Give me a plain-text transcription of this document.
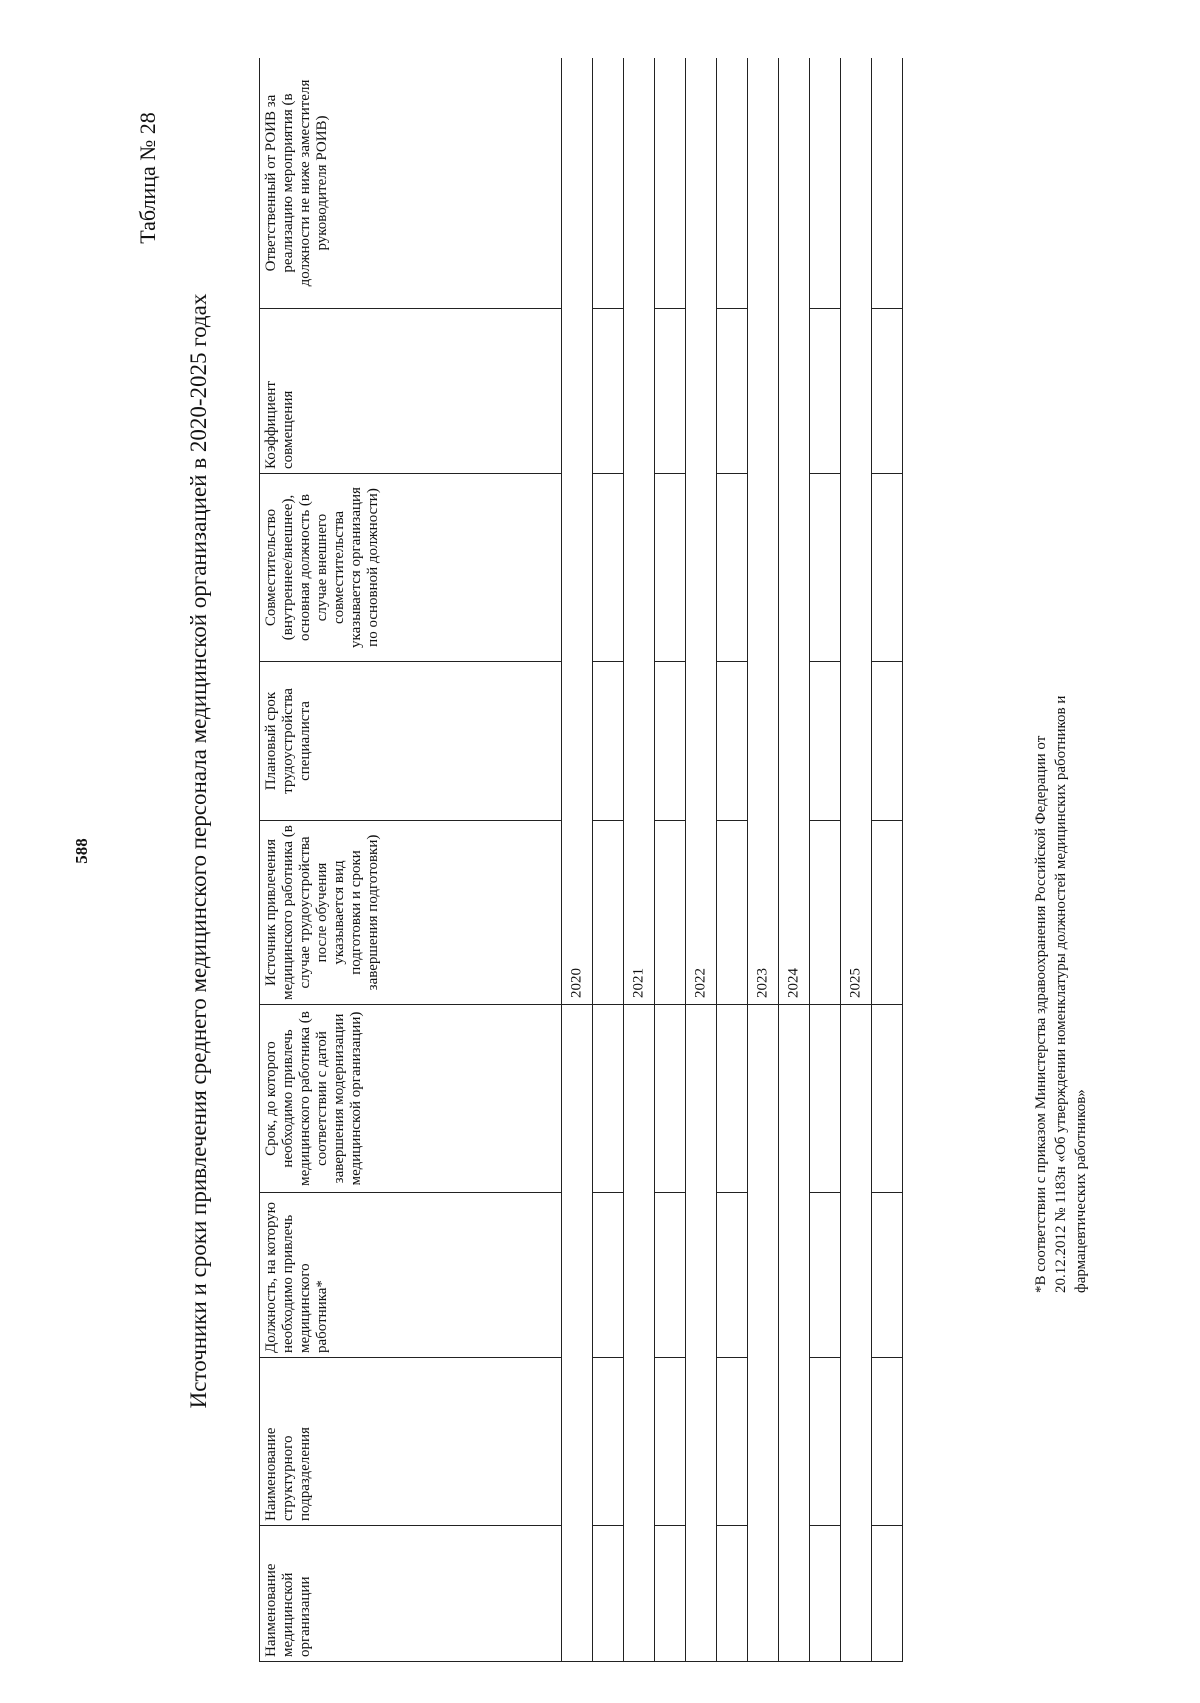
588
Таблица № 28
Источники и сроки привлечения среднего медицинского персонала медицинской организацией в 2020-2025 годах
Наименование медицинской организации	Наименование структурного подразделения	Должность, на которую необходимо привлечь медицинского работника*	Срок, до которого необходимо привлечь медицинского работника (в соответствии с датой завершения модернизации медицинской организации)	Источник привлечения медицинского работника (в случае трудоустройства после обучения указывается вид подготовки и сроки завершения подготовки)	Плановый срок трудоустройства специалиста	Совместительство (внутреннее/внешнее), основная должность (в случае внешнего совместительства указывается организация по основной должности)	Коэффициент совмещения	Ответственный от РОИВ за реализацию мероприятия (в должности не ниже заместителя руководителя РОИВ)

				2020				

				2021				

				2022				

				2023				

				2024				

				2025				

									*В соответствии с приказом Министерства здравоохранения Российской Федерации от 20.12.2012 № 1183н «Об утверждении номенклатуры должностей медицинских работников и фармацевтических работников»
